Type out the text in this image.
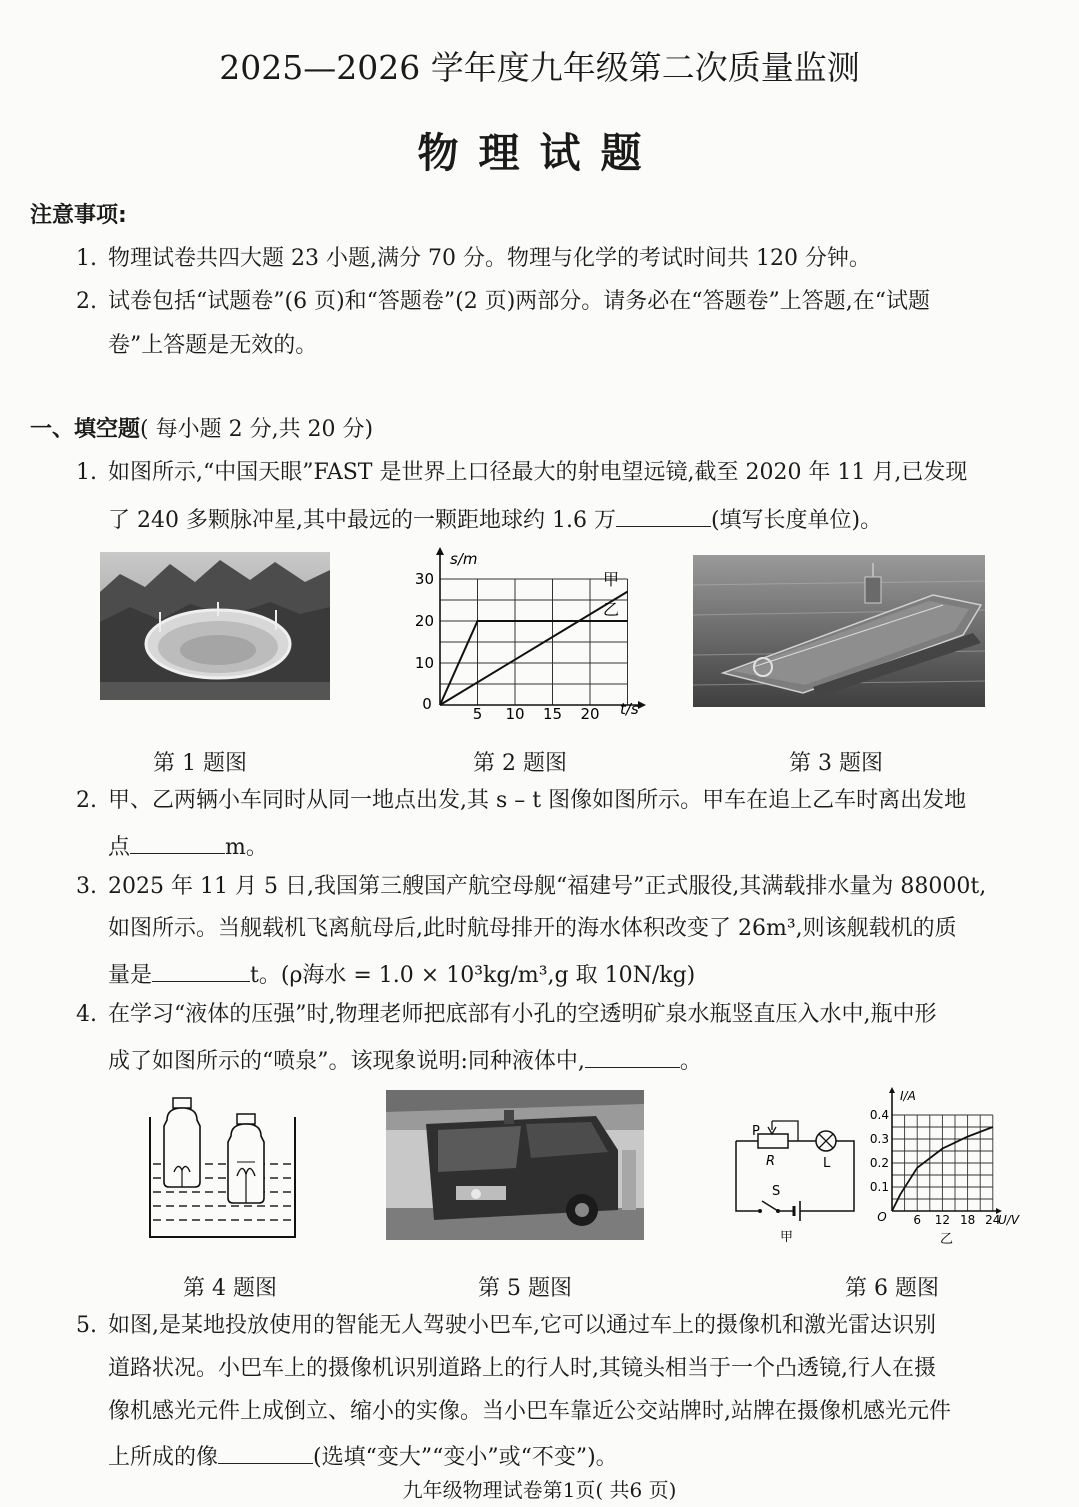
2025—2026 学年度九年级第二次质量监测
物理试题
注意事项:
1. 物理试卷共四大题 23 小题,满分 70 分。物理与化学的考试时间共 120 分钟。
2. 试卷包括“试题卷”(6 页)和“答题卷”(2 页)两部分。请务必在“答题卷”上答题,在“试题
卷”上答题是无效的。
一、填空题( 每小题 2 分,共 20 分)
1. 如图所示,“中国天眼”FAST 是世界上口径最大的射电望远镜,截至 2020 年 11 月,已发现
了 240 多颗脉冲星,其中最远的一颗距地球约 1.6 万	(填写长度单位)。
s/m
t/s
0
30
20
10
5 10 15 20
甲
乙
第 1 题图	第 2 题图	第 3 题图
2. 甲、乙两辆小车同时从同一地点出发,其 s – t 图像如图所示。甲车在追上乙车时离出发地
点	m。
3. 2025 年 11 月 5 日,我国第三艘国产航空母舰“福建号”正式服役,其满载排水量为 88000t,
如图所示。当舰载机飞离航母后,此时航母排开的海水体积改变了 26m³,则该舰载机的质
量是	t。(ρ海水 = 1.0 × 10³kg/m³,g 取 10N/kg)
4. 在学习“液体的压强”时,物理老师把底部有小孔的空透明矿泉水瓶竖直压入水中,瓶中形
成了如图所示的“喷泉”。该现象说明:同种液体中,	。
P
R	L
S
甲
I/A
U/V
O
0.4
0.3
0.2
0.1
6 12 18 24
乙
第 4 题图	第 5 题图	第 6 题图
5. 如图,是某地投放使用的智能无人驾驶小巴车,它可以通过车上的摄像机和激光雷达识别
道路状况。小巴车上的摄像机识别道路上的行人时,其镜头相当于一个凸透镜,行人在摄
像机感光元件上成倒立、缩小的实像。当小巴车靠近公交站牌时,站牌在摄像机感光元件
上所成的像	(选填“变大”“变小”或“不变”)。
九年级物理试卷第1页( 共6 页)
